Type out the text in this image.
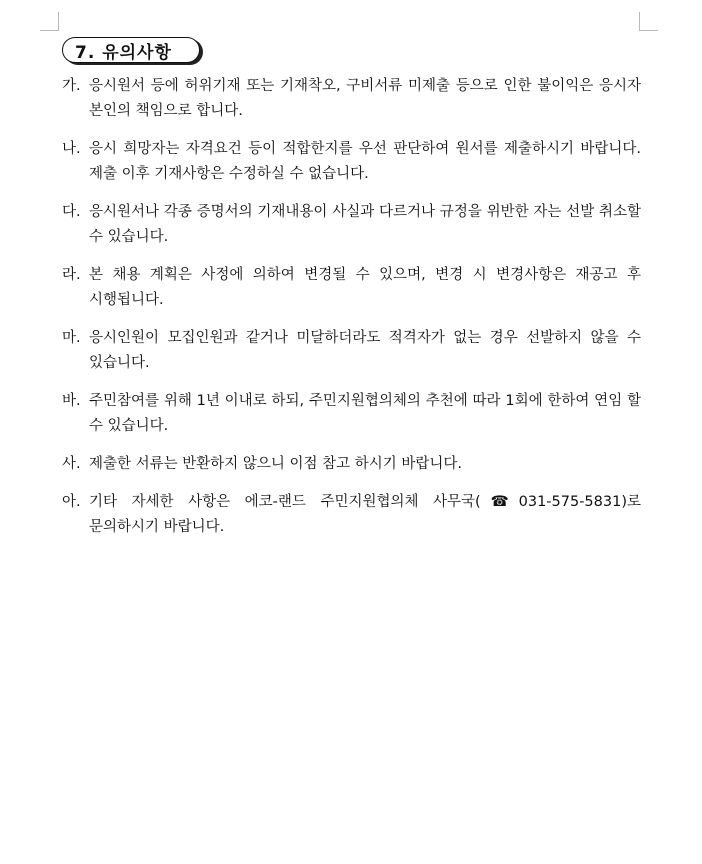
7. 유의사항
가. 응시원서 등에 허위기재 또는 기재착오, 구비서류 미제출 등으로 인한 불이익은 응시자 본인의 책임으로 합니다.
나. 응시 희망자는 자격요건 등이 적합한지를 우선 판단하여 원서를 제출하시기 바랍니다. 제출 이후 기재사항은 수정하실 수 없습니다.
다. 응시원서나 각종 증명서의 기재내용이 사실과 다르거나 규정을 위반한 자는 선발 취소할 수 있습니다.
라. 본 채용 계획은 사정에 의하여 변경될 수 있으며, 변경 시 변경사항은 재공고 후 시행됩니다.
마. 응시인원이 모집인원과 같거나 미달하더라도 적격자가 없는 경우 선발하지 않을 수 있습니다.
바. 주민참여를 위해 1년 이내로 하되, 주민지원협의체의 추천에 따라 1회에 한하여 연임 할 수 있습니다.
사. 제출한 서류는 반환하지 않으니 이점 참고 하시기 바랍니다.
아. 기타 자세한 사항은 에코-랜드 주민지원협의체 사무국(☎031-575-5831)로 문의하시기 바랍니다.
